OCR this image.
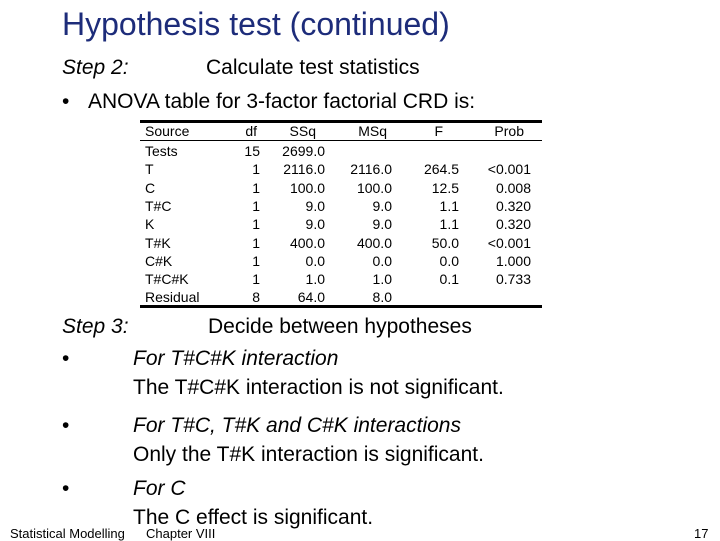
Hypothesis test (continued)
Step 2:	Calculate test statistics
• ANOVA table for 3-factor factorial CRD is:
Source	df SSq	MSq	F	Prob
Tests	15 2699.0
T	1 2116.0 2116.0 264.5 <0.001
C	1 100.0 100.0	12.5	0.008
T#C	1	9.0	9.0	1.1	0.320
K	1	9.0	9.0	1.1	0.320
T#K	1 400.0 400.0	50.0 <0.001
C#K	1	0.0	0.0	0.0	1.000
T#C#K	1	1.0	1.0	0.1	0.733
Residual	8	64.0	8.0
Step 3:	Decide between hypotheses
•	For T#C#K interaction
The T#C#K interaction is not significant.
•	For T#C, T#K and C#K interactions
Only the T#K interaction is significant.
•	For C
The C effect is significant.
Statistical Modelling Chapter VIII	17
